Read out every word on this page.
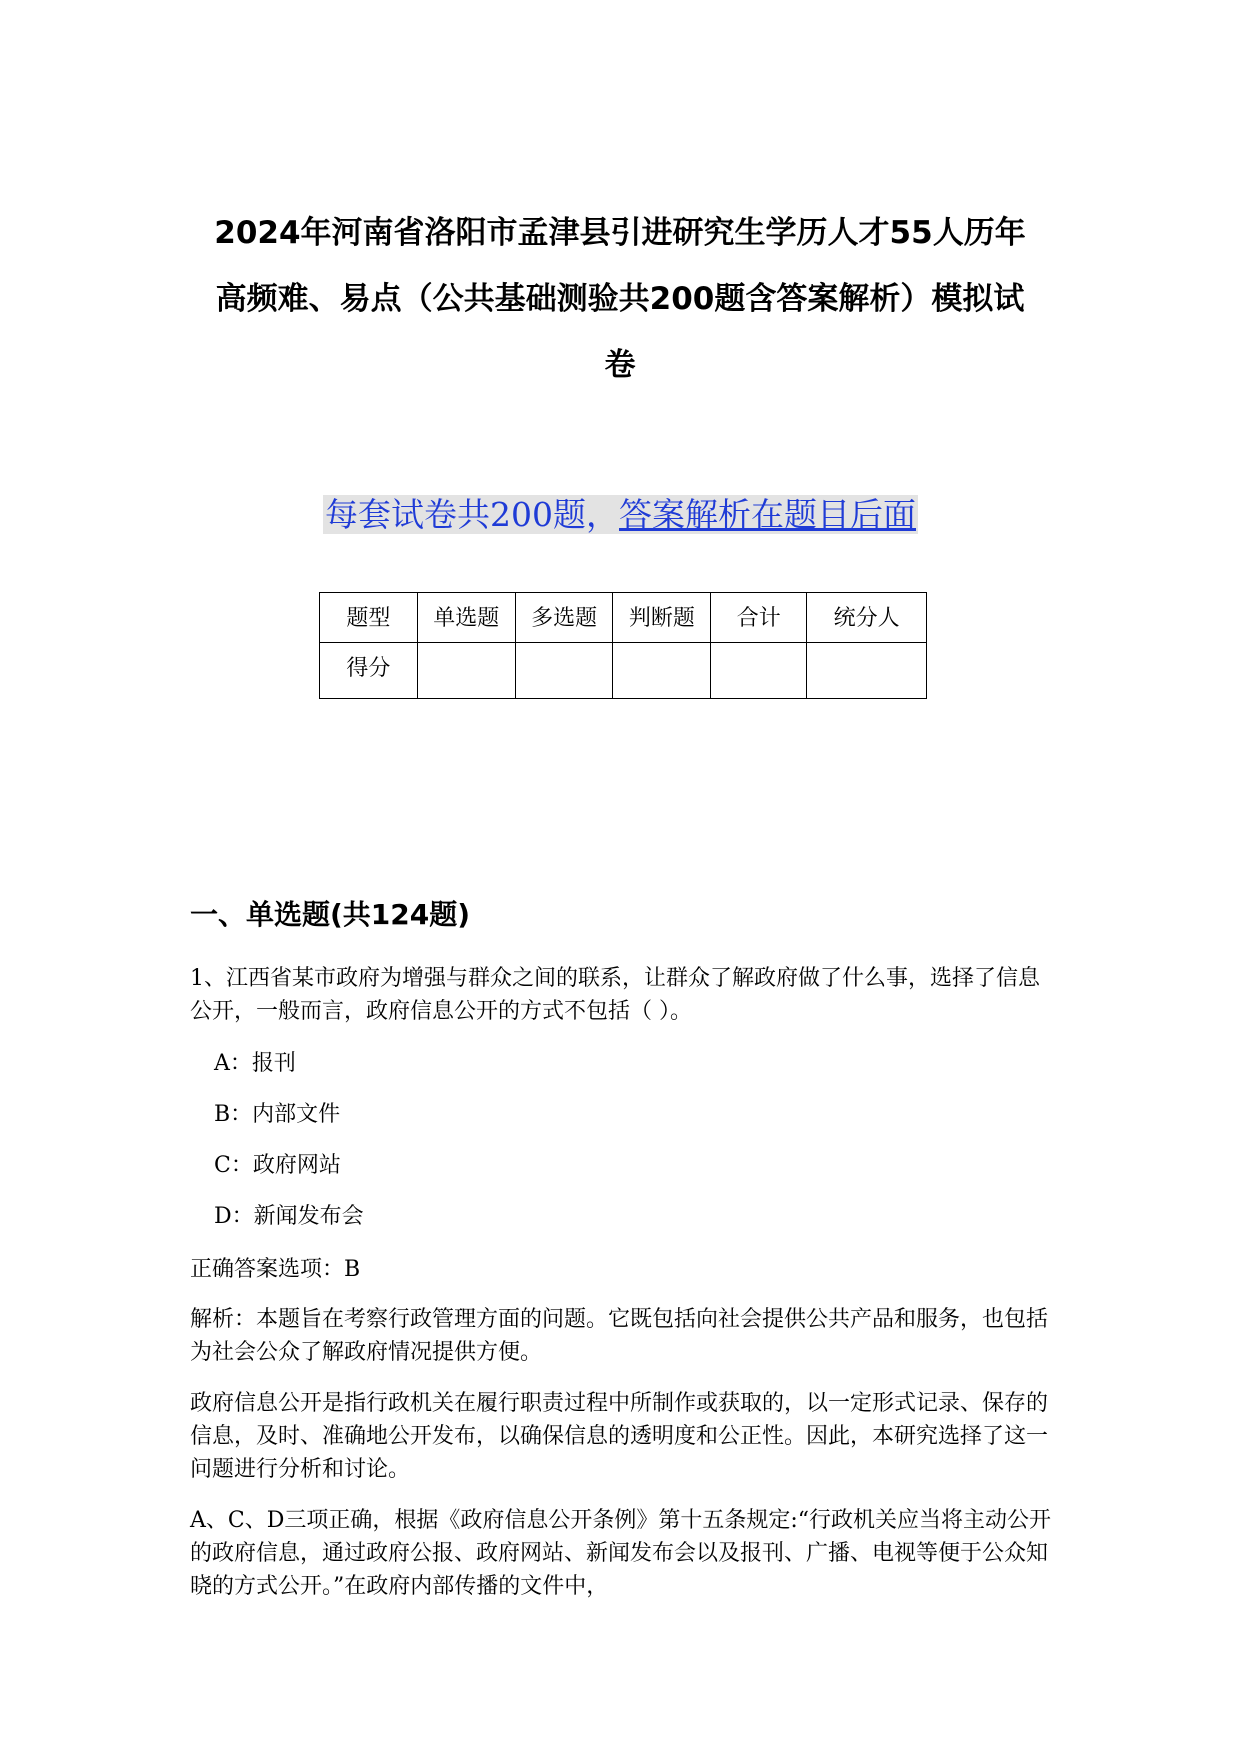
2024年河南省洛阳市孟津县引进研究生学历人才55人历年
高频难、易点（公共基础测验共200题含答案解析）模拟试
卷
每套试卷共200题，答案解析在题目后面
题型	单选题	多选题	判断题	合计	统分人
得分					
一、单选题(共124题)

1、江西省某市政府为增强与群众之间的联系，让群众了解政府做了什么事，选择了信息公开，一般而言，政府信息公开的方式不包括（ ）。

A：报刊
B：内部文件
C：政府网站
D：新闻发布会

正确答案选项：B

解析：本题旨在考察行政管理方面的问题。它既包括向社会提供公共产品和服务，也包括为社会公众了解政府情况提供方便。

政府信息公开是指行政机关在履行职责过程中所制作或获取的，以一定形式记录、保存的信息，及时、准确地公开发布，以确保信息的透明度和公正性。因此，本研究选择了这一问题进行分析和讨论。

A、C、D三项正确，根据《政府信息公开条例》第十五条规定:“行政机关应当将主动公开的政府信息，通过政府公报、政府网站、新闻发布会以及报刊、广播、电视等便于公众知晓的方式公开。”在政府内部传播的文件中，
